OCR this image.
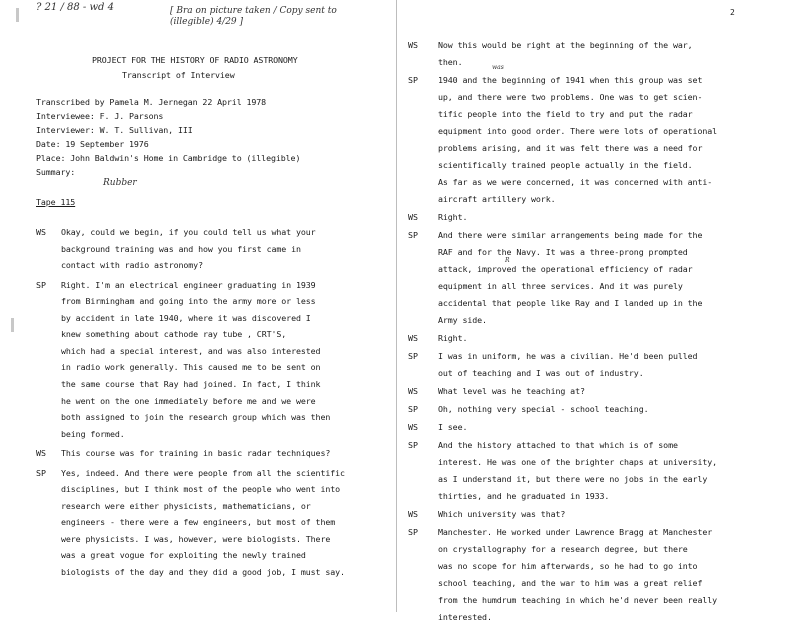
? 21 / 88 - wd 4	[ Bra on picture taken / Copy sent to (illegible) 4/29 ]
PROJECT FOR THE HISTORY OF RADIO ASTRONOMY
Transcript of Interview
Transcribed by Pamela M. Jernegan 22 April 1978
Interviewee: F. J. Parsons
Interviewer: W. T. Sullivan, III
Date: 19 September 1976
Place: John Baldwin's Home in Cambridge to (illegible)
Summary:
Rubber
Tape 115
WS Okay, could we begin, if you could tell us what your
background training was and how you first came in
contact with radio astronomy?
SP Right. I'm an electrical engineer graduating in 1939
from Birmingham and going into the army more or less
by accident in late 1940, where it was discovered I
knew something about cathode ray tube , CRT'S,
which had a special interest, and was also interested
in radio work generally. This caused me to be sent on
the same course that Ray had joined. In fact, I think
he went on the one immediately before me and we were
both assigned to join the research group which was then
being formed.
WS This course was for training in basic radar techniques?
SP Yes, indeed. And there were people from all the scientific
disciplines, but I think most of the people who went into
research were either physicists, mathematicians, or
engineers - there were a few engineers, but most of them
were physicists. I was, however, were biologists. There
was a great vogue for exploiting the newly trained
biologists of the day and they did a good job, I must say.
2
was
R
WS Now this would be right at the beginning of the war,
then.
SP 1940 and the beginning of 1941 when this group was set
up, and there were two problems. One was to get scien-
tific people into the field to try and put the radar
equipment into good order. There were lots of operational
problems arising, and it was felt there was a need for
scientifically trained people actually in the field.
As far as we were concerned, it was concerned with anti-
aircraft artillery work.
WS Right.
SP And there were similar arrangements being made for the
RAF and for the Navy. It was a three-prong prompted
attack, improved the operational efficiency of radar
equipment in all three services. And it was purely
accidental that people like Ray and I landed up in the
Army side.
WS Right.
SP I was in uniform, he was a civilian. He'd been pulled
out of teaching and I was out of industry.
WS What level was he teaching at?
SP Oh, nothing very special - school teaching.
WS I see.
SP And the history attached to that which is of some
interest. He was one of the brighter chaps at university,
as I understand it, but there were no jobs in the early
thirties, and he graduated in 1933.
WS Which university was that?
SP Manchester. He worked under Lawrence Bragg at Manchester
on crystallography for a research degree, but there
was no scope for him afterwards, so he had to go into
school teaching, and the war to him was a great relief
from the humdrum teaching in which he'd never been really
interested.
